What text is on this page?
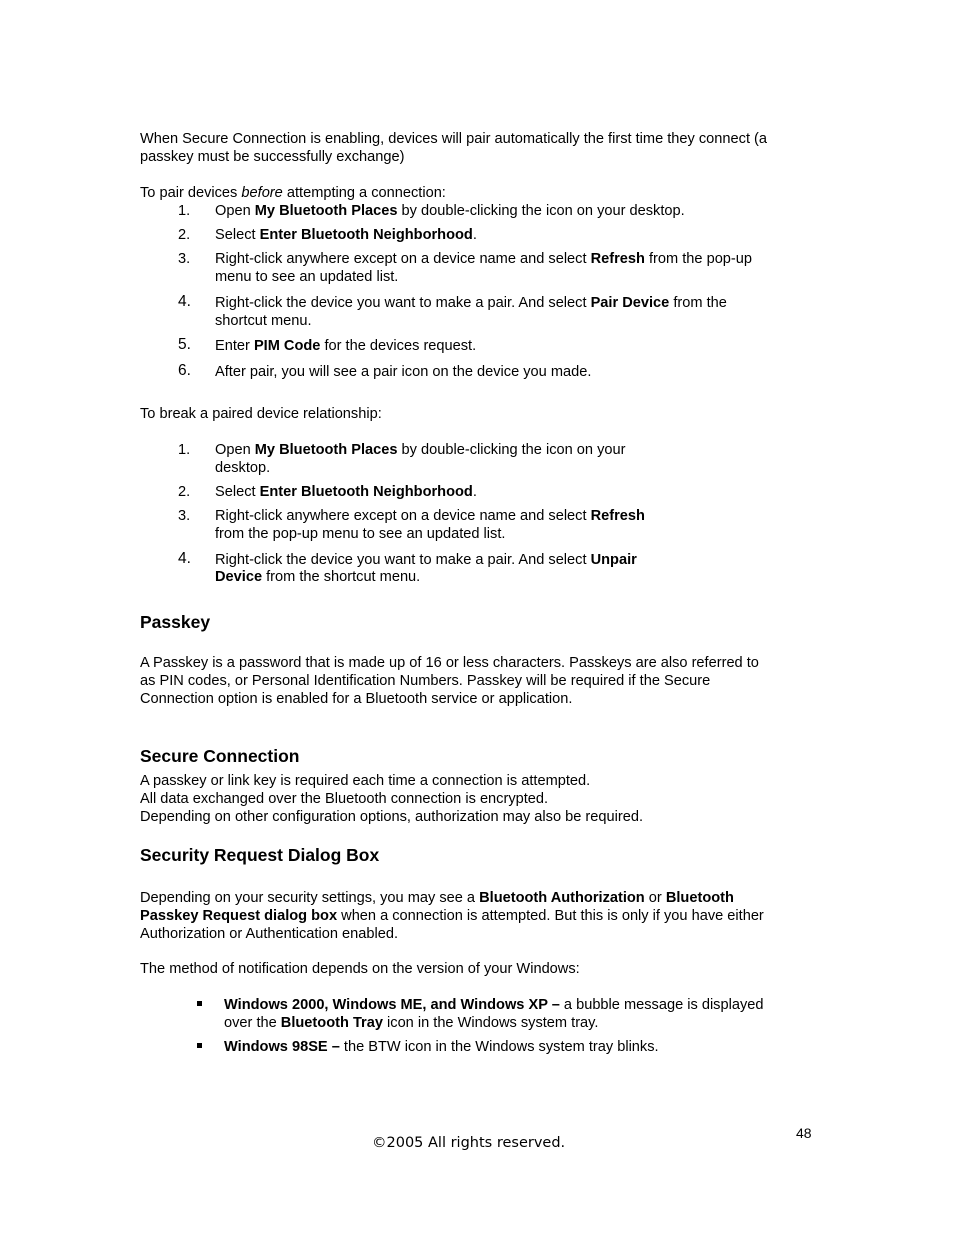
When Secure Connection is enabling, devices will pair automatically the first time they connect (a
passkey must be successfully exchange)
To pair devices before attempting a connection:
1. Open My Bluetooth Places by double-clicking the icon on your desktop.
2. Select Enter Bluetooth Neighborhood.
3. Right-click anywhere except on a device name and select Refresh from the pop-up
menu to see an updated list.
4. Right-click the device you want to make a pair. And select Pair Device from the
shortcut menu.
5. Enter PIM Code for the devices request.
6. After pair, you will see a pair icon on the device you made.
To break a paired device relationship:
1. Open My Bluetooth Places by double-clicking the icon on your
desktop.
2. Select Enter Bluetooth Neighborhood.
3. Right-click anywhere except on a device name and select Refresh
from the pop-up menu to see an updated list.
4. Right-click the device you want to make a pair. And select Unpair
Device from the shortcut menu.
Passkey
A Passkey is a password that is made up of 16 or less characters. Passkeys are also referred to
as PIN codes, or Personal Identification Numbers. Passkey will be required if the Secure
Connection option is enabled for a Bluetooth service or application.
Secure Connection
A passkey or link key is required each time a connection is attempted.
All data exchanged over the Bluetooth connection is encrypted.
Depending on other configuration options, authorization may also be required.
Security Request Dialog Box
Depending on your security settings, you may see a Bluetooth Authorization or Bluetooth
Passkey Request dialog box when a connection is attempted. But this is only if you have either
Authorization or Authentication enabled.
The method of notification depends on the version of your Windows:
Windows 2000, Windows ME, and Windows XP – a bubble message is displayed
over the Bluetooth Tray icon in the Windows system tray.
Windows 98SE – the BTW icon in the Windows system tray blinks.
48
©2005 All rights reserved.
